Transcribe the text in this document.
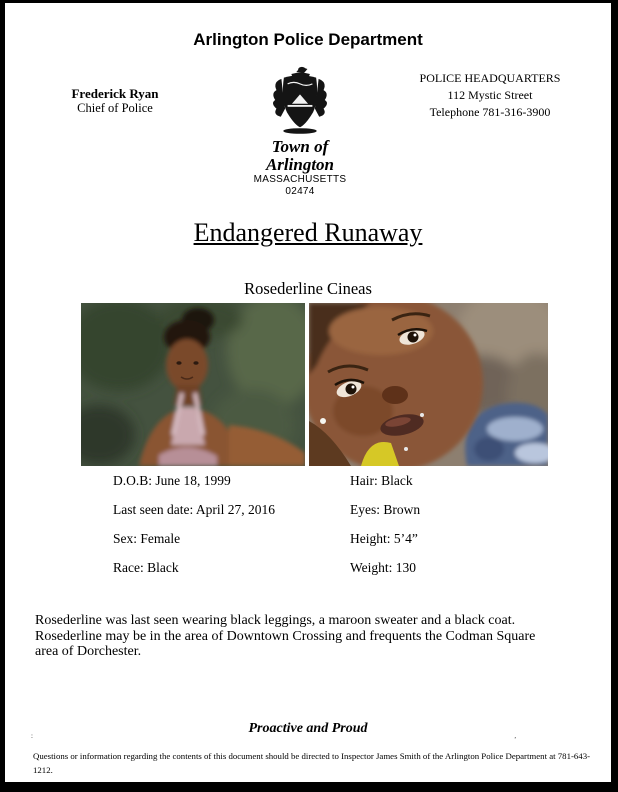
Arlington Police Department
Frederick Ryan
Chief of Police
Town of Arlington
MASSACHUSETTS 02474
POLICE HEADQUARTERS
112 Mystic Street
Telephone 781-316-3900
Endangered Runaway
Rosederline Cineas
D.O.B: June 18, 1999
Last seen date: April 27, 2016
Sex: Female
Race: Black
Hair: Black
Eyes: Brown
Height: 5’4”
Weight: 130
Rosederline was last seen wearing black leggings, a maroon sweater and a black coat.
Rosederline may be in the area of Downtown Crossing and frequents the Codman Square
area of Dorchester.
Proactive and Proud
:	’
Questions or information regarding the contents of this document should be directed to Inspector James Smith of the Arlington Police Department at 781-643-
1212.
